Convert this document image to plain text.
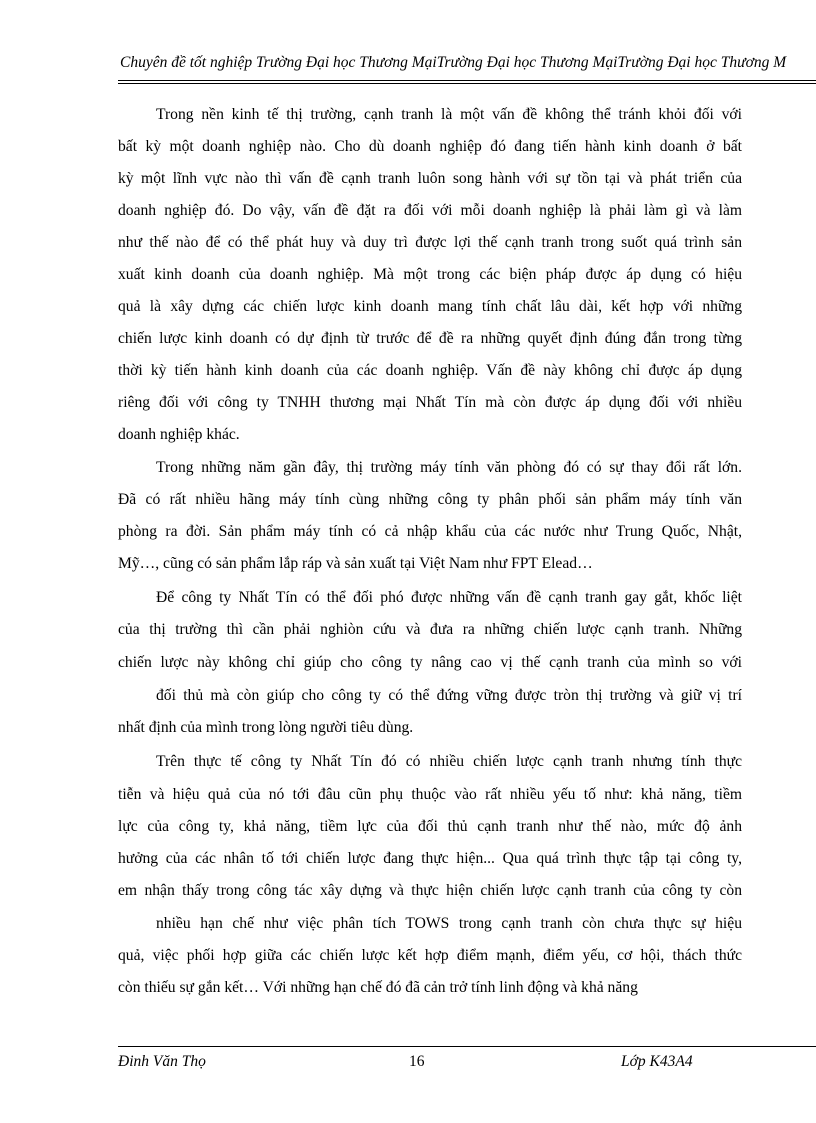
Chuyên đề tốt nghiệp Trường Đại học Thương MạiTrường Đại học Thương MạiTrường Đại học Thương M
Trong nền kinh tế thị trường, cạnh tranh là một vấn đề không thể tránh khỏi đối với
bất kỳ một doanh nghiệp nào. Cho dù doanh nghiệp đó đang tiến hành kinh doanh ở bất
kỳ một lĩnh vực nào thì vấn đề cạnh tranh luôn song hành với sự tồn tại và phát triển của
doanh nghiệp đó. Do vậy, vấn đề đặt ra đối với mỗi doanh nghiệp là phải làm gì và làm
như thế nào để có thể phát huy và duy trì được lợi thế cạnh tranh trong suốt quá trình sản
xuất kinh doanh của doanh nghiệp. Mà một trong các biện pháp được áp dụng có hiệu
quả là xây dựng các chiến lược kinh doanh mang tính chất lâu dài, kết hợp với những
chiến lược kinh doanh có dự định từ trước để đề ra những quyết định đúng đắn trong từng
thời kỳ tiến hành kinh doanh của các doanh nghiệp. Vấn đề này không chỉ được áp dụng
riêng đối với công ty TNHH thương mại Nhất Tín mà còn được áp dụng đối với nhiều
doanh nghiệp khác.
Trong những năm gần đây, thị trường máy tính văn phòng đó có sự thay đổi rất lớn.
Đã có rất nhiều hãng máy tính cùng những công ty phân phối sản phẩm máy tính văn
phòng ra đời. Sản phẩm máy tính có cả nhập khẩu của các nước như Trung Quốc, Nhật,
Mỹ…, cũng có sản phẩm lắp ráp và sản xuất tại Việt Nam như FPT Elead…
Để công ty Nhất Tín có thể đối phó được những vấn đề cạnh tranh gay gắt, khốc liệt
của thị trường thì cần phải nghiòn cứu và đưa ra những chiến lược cạnh tranh. Những
chiến lược này không chỉ giúp cho công ty nâng cao vị thế cạnh tranh của mình so với
đối thủ mà còn giúp cho công ty có thể đứng vững được tròn thị trường và giữ vị trí
nhất định của mình trong lòng người tiêu dùng.
Trên thực tế công ty Nhất Tín đó có nhiều chiến lược cạnh tranh nhưng tính thực
tiễn và hiệu quả của nó tới đâu cũn phụ thuộc vào rất nhiều yếu tố như: khả năng, tiềm
lực của công ty, khả năng, tiềm lực của đối thủ cạnh tranh như thế nào, mức độ ảnh
hưởng của các nhân tố tới chiến lược đang thực hiện... Qua quá trình thực tập tại công ty,
em nhận thấy trong công tác xây dựng và thực hiện chiến lược cạnh tranh của công ty còn
nhiều hạn chế như việc phân tích TOWS trong cạnh tranh còn chưa thực sự hiệu
quả, việc phối hợp giữa các chiến lược kết hợp điểm mạnh, điểm yếu, cơ hội, thách thức
còn thiếu sự gắn kết… Với những hạn chế đó đã cản trở tính linh động và khả năng
Đinh Văn Thọ	16	Lớp K43A4
